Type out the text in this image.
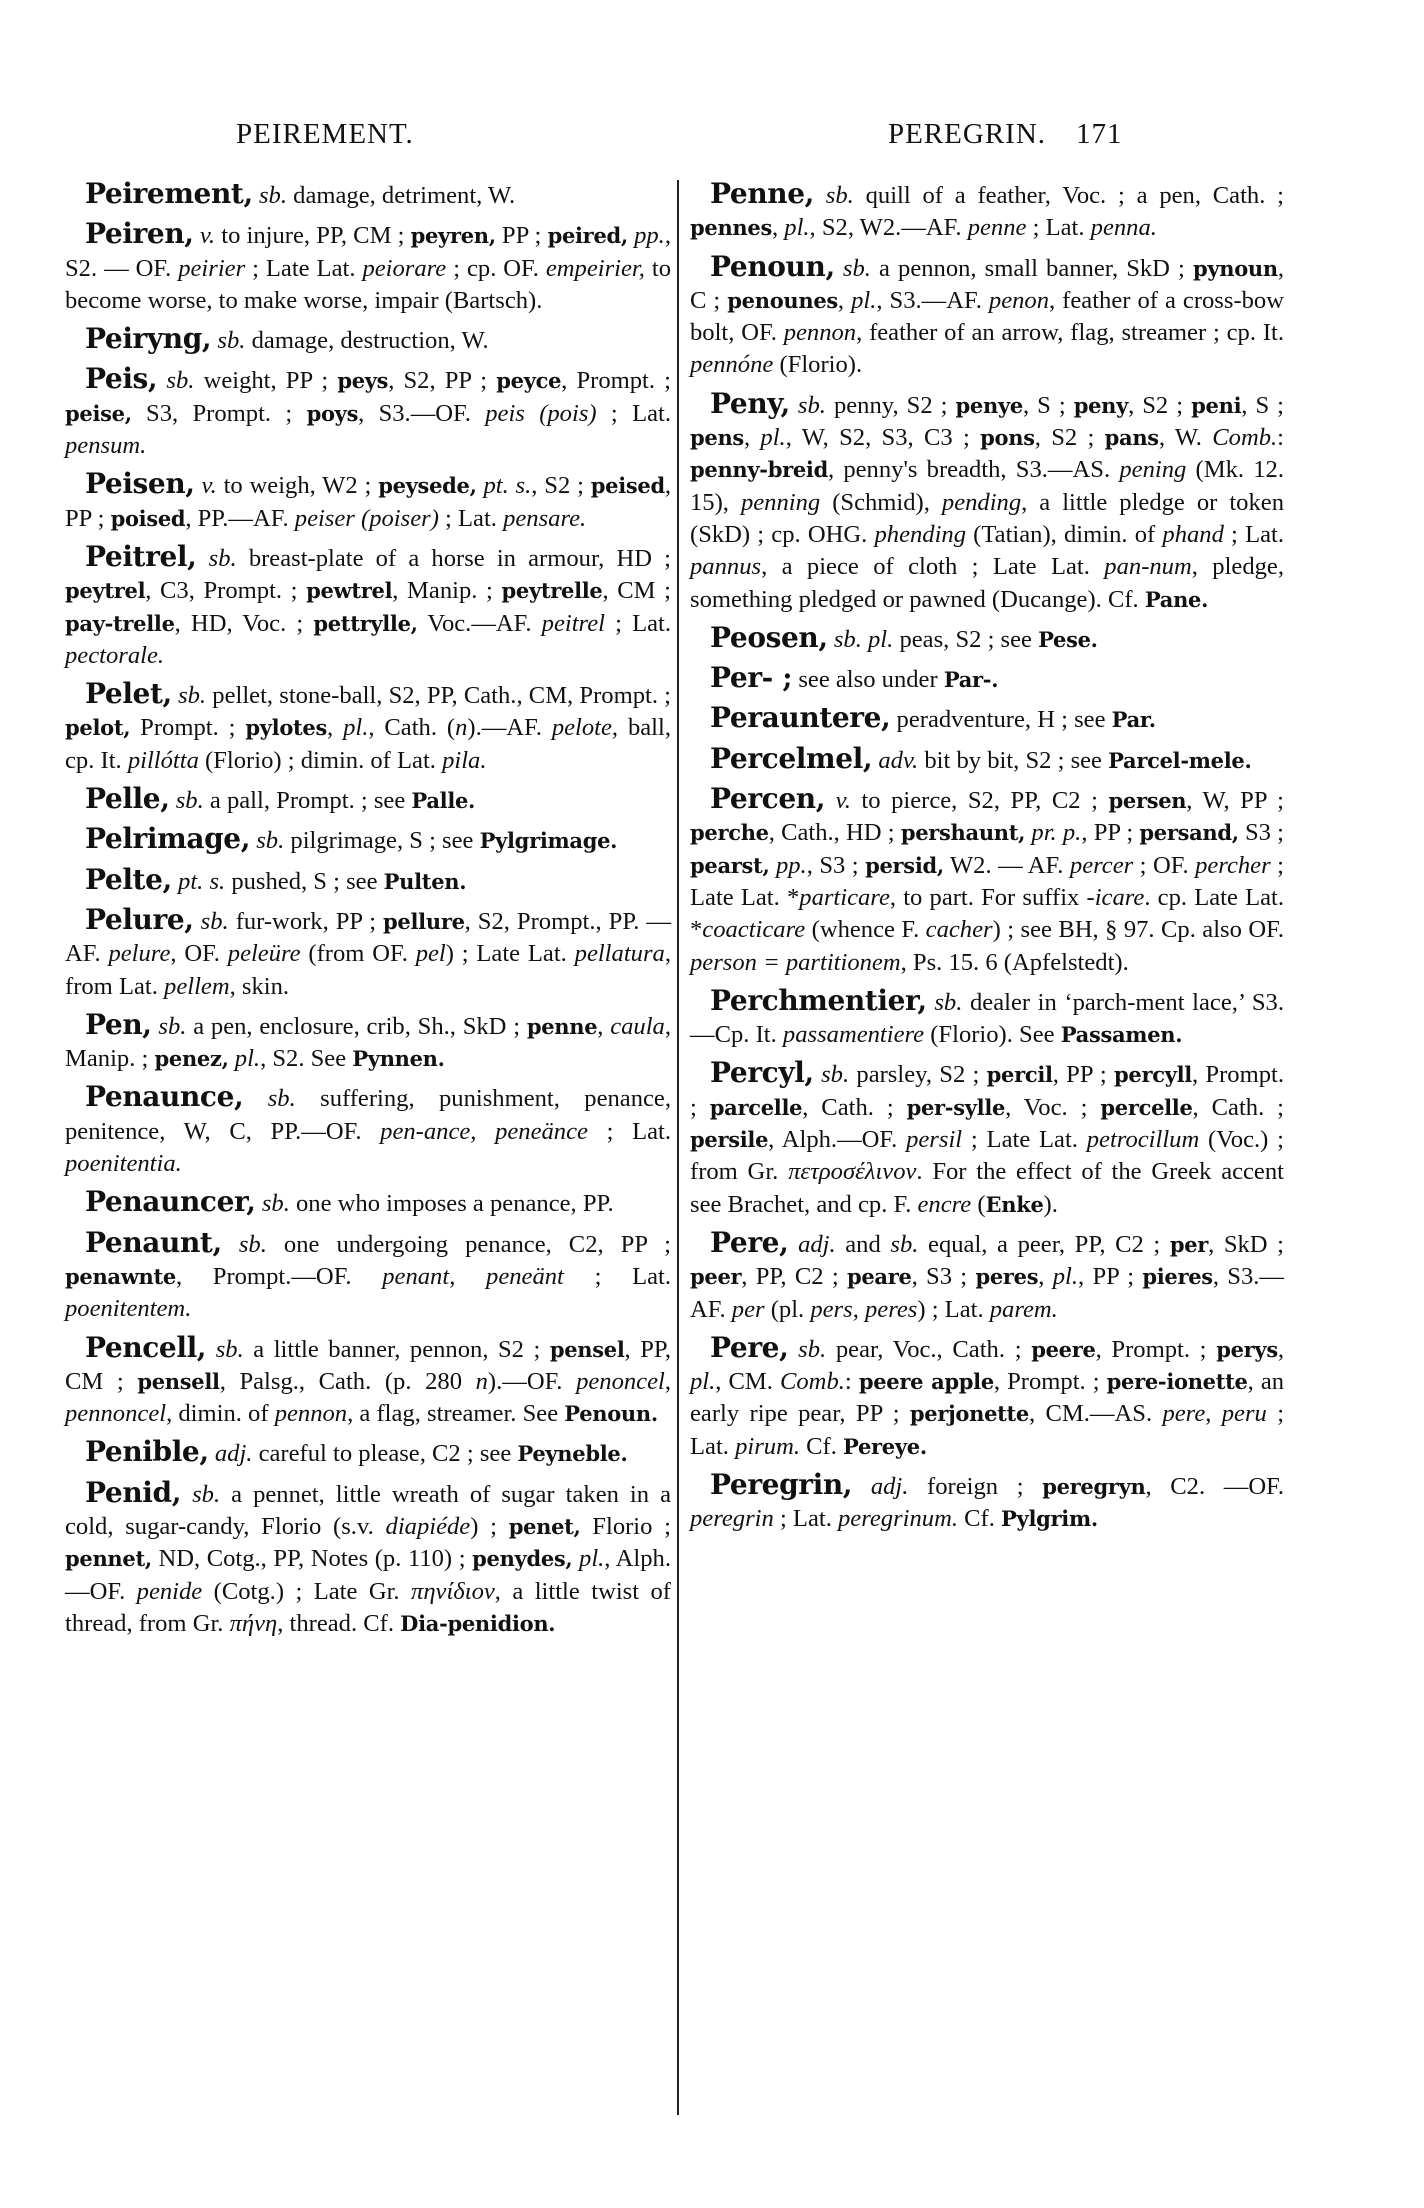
PEIREMENT.	PEREGRIN. 171

Peirement, sb. damage, detriment, W.

Peiren, v. to injure, PP, CM ; peyren, PP ; peired, pp., S2. — OF. peirier ; Late Lat. peiorare ; cp. OF. empeirier, to become worse, to make worse, impair (Bartsch).

Peiryng, sb. damage, destruction, W.

Peis, sb. weight, PP ; peys, S2, PP ; peyce, Prompt. ; peise, S3, Prompt. ; poys, S3.—OF. peis (pois) ; Lat. pensum.

Peisen, v. to weigh, W2 ; peysede, pt. s., S2 ; peised, PP ; poised, PP.—AF. peiser (poiser) ; Lat. pensare.

Peitrel, sb. breast-plate of a horse in armour, HD ; peytrel, C3, Prompt. ; pewtrel, Manip. ; peytrelle, CM ; pay-trelle, HD, Voc. ; pettrylle, Voc.—AF. peitrel ; Lat. pectorale.

Pelet, sb. pellet, stone-ball, S2, PP, Cath., CM, Prompt. ; pelot, Prompt. ; pylotes, pl., Cath. (n).—AF. pelote, ball, cp. It. pillótta (Florio) ; dimin. of Lat. pila.

Pelle, sb. a pall, Prompt. ; see Palle.

Pelrimage, sb. pilgrimage, S ; see Pylgrimage.

Pelte, pt. s. pushed, S ; see Pulten.

Pelure, sb. fur-work, PP ; pellure, S2, Prompt., PP. — AF. pelure, OF. peleüre (from OF. pel) ; Late Lat. pellatura, from Lat. pellem, skin.

Pen, sb. a pen, enclosure, crib, Sh., SkD ; penne, caula, Manip. ; penez, pl., S2. See Pynnen.

Penaunce, sb. suffering, punishment, penance, penitence, W, C, PP.—OF. pen-ance, peneänce ; Lat. poenitentia.

Penauncer, sb. one who imposes a penance, PP.

Penaunt, sb. one undergoing penance, C2, PP ; penawnte, Prompt.—OF. penant, peneänt ; Lat. poenitentem.

Pencell, sb. a little banner, pennon, S2 ; pensel, PP, CM ; pensell, Palsg., Cath. (p. 280 n).—OF. penoncel, pennoncel, dimin. of pennon, a flag, streamer. See Penoun.

Penible, adj. careful to please, C2 ; see Peyneble.

Penid, sb. a pennet, little wreath of sugar taken in a cold, sugar-candy, Florio (s.v. diapiéde) ; penet, Florio ; pennet, ND, Cotg., PP, Notes (p. 110) ; penydes, pl., Alph.—OF. penide (Cotg.) ; Late Gr. πηνίδιον, a little twist of thread, from Gr. πήνη, thread. Cf. Dia-penidion.

Penne, sb. quill of a feather, Voc. ; a pen, Cath. ; pennes, pl., S2, W2.—AF. penne ; Lat. penna.

Penoun, sb. a pennon, small banner, SkD ; pynoun, C ; penounes, pl., S3.—AF. penon, feather of a cross-bow bolt, OF. pennon, feather of an arrow, flag, streamer ; cp. It. pennóne (Florio).

Peny, sb. penny, S2 ; penye, S ; peny, S2 ; peni, S ; pens, pl., W, S2, S3, C3 ; pons, S2 ; pans, W. Comb.: penny-breid, penny's breadth, S3.—AS. pening (Mk. 12. 15), penning (Schmid), pending, a little pledge or token (SkD) ; cp. OHG. phending (Tatian), dimin. of phand ; Lat. pannus, a piece of cloth ; Late Lat. pan-num, pledge, something pledged or pawned (Ducange). Cf. Pane.

Peosen, sb. pl. peas, S2 ; see Pese.

Per- ; see also under Par-.

Perauntere, peradventure, H ; see Par.

Percelmel, adv. bit by bit, S2 ; see Parcel-mele.

Percen, v. to pierce, S2, PP, C2 ; persen, W, PP ; perche, Cath., HD ; pershaunt, pr. p., PP ; persand, S3 ; pearst, pp., S3 ; persid, W2. — AF. percer ; OF. percher ; Late Lat. *particare, to part. For suffix -icare. cp. Late Lat. *coacticare (whence F. cacher) ; see BH, § 97. Cp. also OF. person = partitionem, Ps. 15. 6 (Apfelstedt).

Perchmentier, sb. dealer in ‘parch-ment lace,’ S3.—Cp. It. passamentiere (Florio). See Passamen.

Percyl, sb. parsley, S2 ; percil, PP ; percyll, Prompt. ; parcelle, Cath. ; per-sylle, Voc. ; percelle, Cath. ; persile, Alph.—OF. persil ; Late Lat. petrocillum (Voc.) ; from Gr. πετροσέλινον. For the effect of the Greek accent see Brachet, and cp. F. encre (Enke).

Pere, adj. and sb. equal, a peer, PP, C2 ; per, SkD ; peer, PP, C2 ; peare, S3 ; peres, pl., PP ; pieres, S3.—AF. per (pl. pers, peres) ; Lat. parem.

Pere, sb. pear, Voc., Cath. ; peere, Prompt. ; perys, pl., CM. Comb.: peere apple, Prompt. ; pere-ionette, an early ripe pear, PP ; perjonette, CM.—AS. pere, peru ; Lat. pirum. Cf. Pereye.

Peregrin, adj. foreign ; peregryn, C2. —OF. peregrin ; Lat. peregrinum. Cf. Pylgrim.
